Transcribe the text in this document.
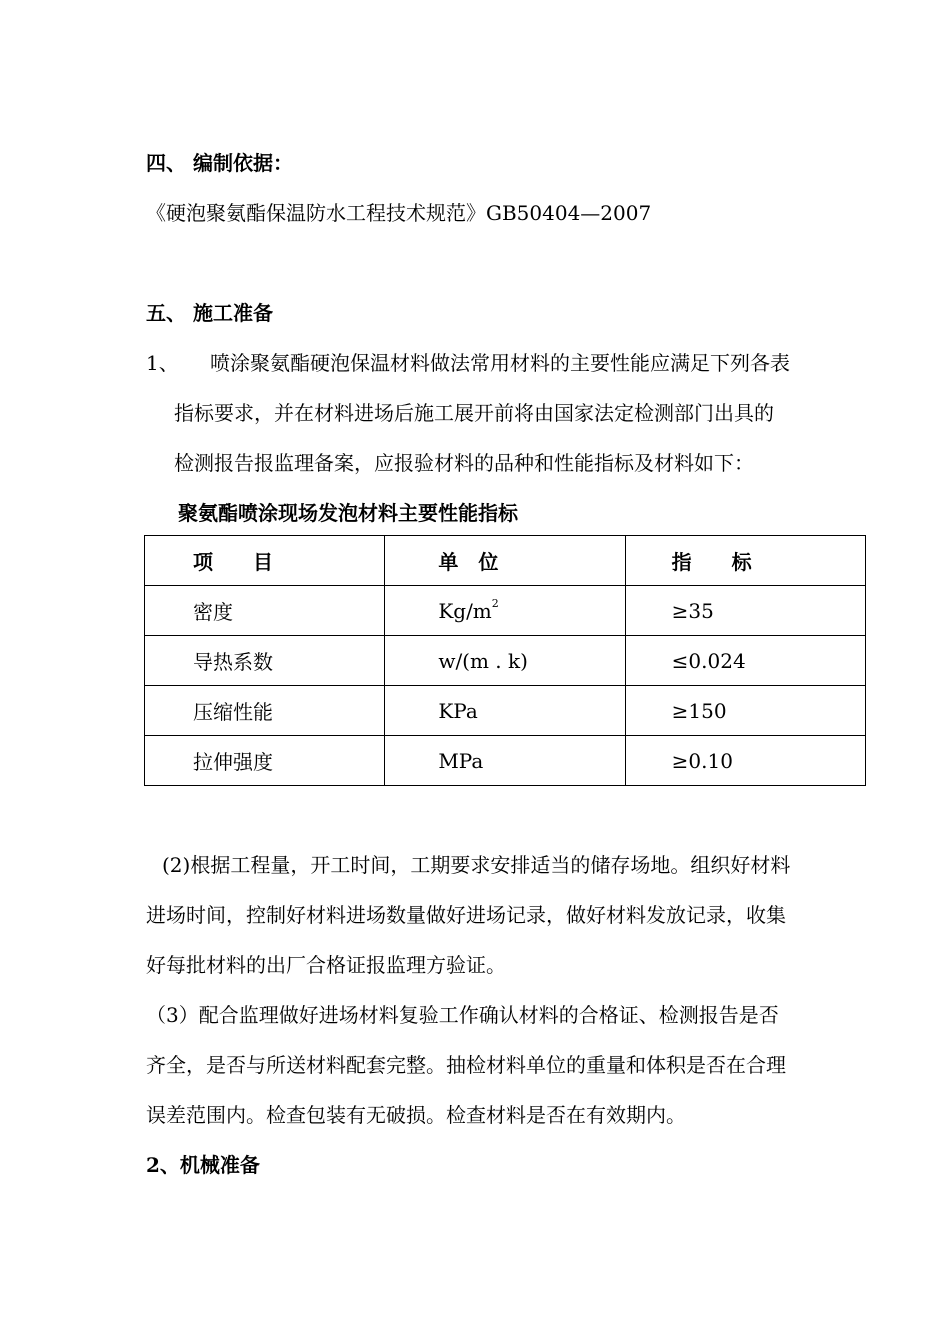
四、 编制依据：
《硬泡聚氨酯保温防水工程技术规范》GB50404—2007
五、 施工准备
1、 喷涂聚氨酯硬泡保温材料做法常用材料的主要性能应满足下列各表
指标要求，并在材料进场后施工展开前将由国家法定检测部门出具的
检测报告报监理备案，应报验材料的品种和性能指标及材料如下：
聚氨酯喷涂现场发泡材料主要性能指标
项　　目	单　位	指　　标
密度	$Kg/m^2$	≥35
导热系数	w/(m . k)	≤0.024
压缩性能	KPa	≥150
拉伸强度	MPa	≥0.10
(2)根据工程量，开工时间，工期要求安排适当的储存场地。组织好材料
进场时间，控制好材料进场数量做好进场记录，做好材料发放记录，收集
好每批材料的出厂合格证报监理方验证。
（3）配合监理做好进场材料复验工作确认材料的合格证、检测报告是否
齐全，是否与所送材料配套完整。抽检材料单位的重量和体积是否在合理
误差范围内。检查包装有无破损。检查材料是否在有效期内。
2、机械准备
